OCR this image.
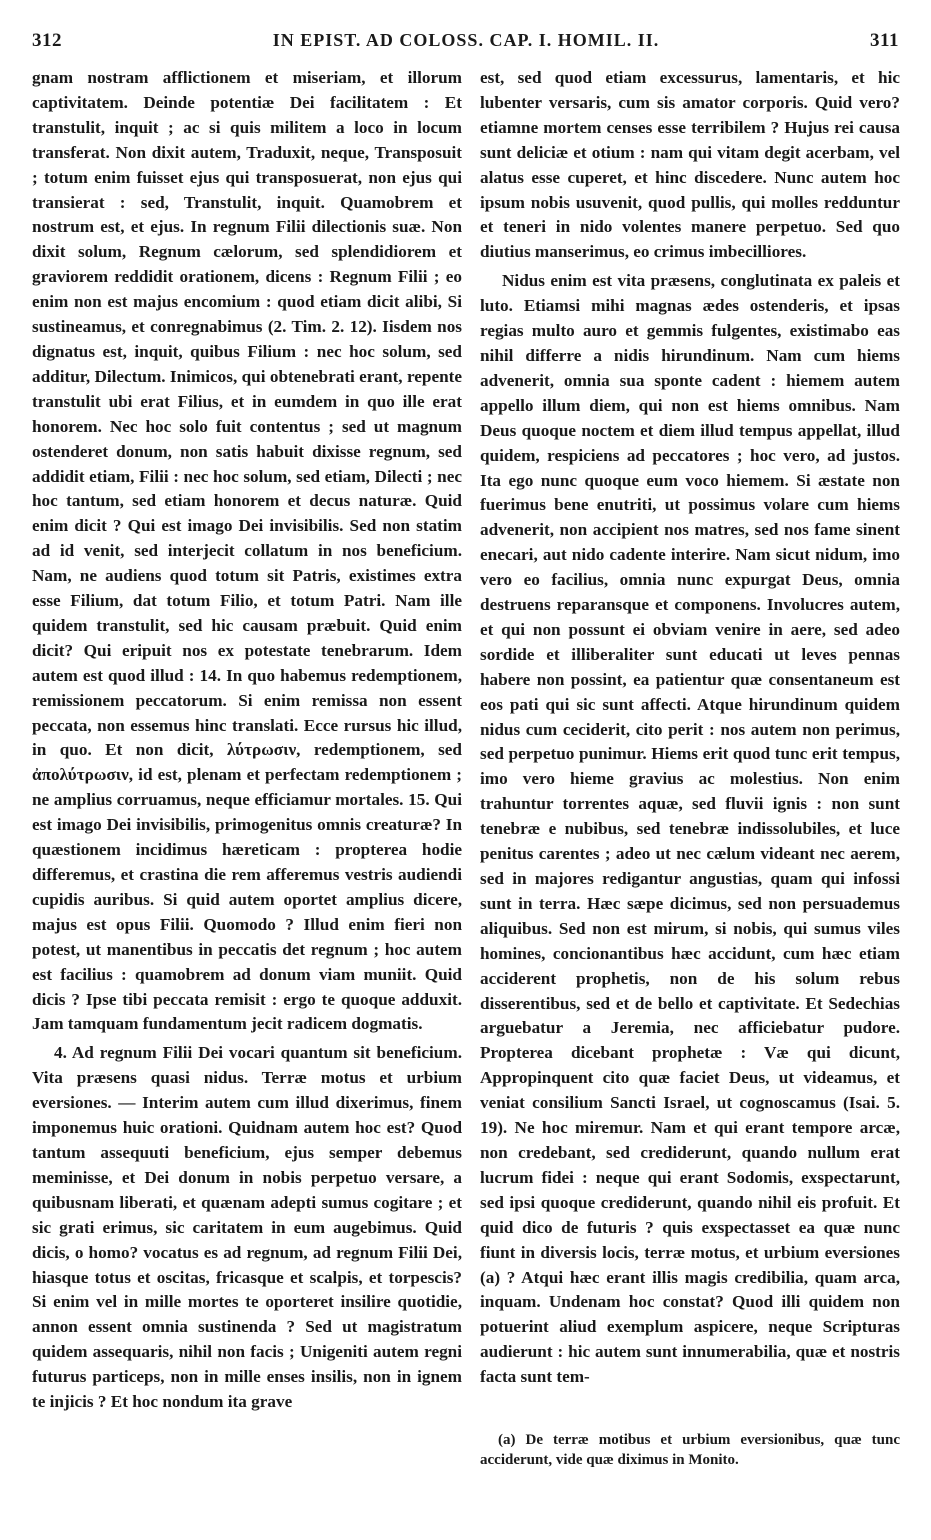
312	IN EPIST. AD COLOSS. CAP. I. HOMIL. II.	311

gnam nostram afflictionem et miseriam, et illorum captivitatem. Deinde potentiæ Dei facilitatem : Et transtulit, inquit ; ac si quis militem a loco in locum transferat. Non dixit autem, Traduxit, neque, Transposuit ; totum enim fuisset ejus qui transposuerat, non ejus qui transierat : sed, Transtulit, inquit. Quamobrem et nostrum est, et ejus. In regnum Filii dilectionis suæ. Non dixit solum, Regnum cælorum, sed splendidiorem et graviorem reddidit orationem, dicens : Regnum Filii ; eo enim non est majus encomium : quod etiam dicit alibi, Si sustineamus, et conregnabimus (2. Tim. 2. 12). Iisdem nos dignatus est, inquit, quibus Filium : nec hoc solum, sed additur, Dilectum. Inimicos, qui obtenebrati erant, repente transtulit ubi erat Filius, et in eumdem in quo ille erat honorem. Nec hoc solo fuit contentus ; sed ut magnum ostenderet donum, non satis habuit dixisse regnum, sed addidit etiam, Filii : nec hoc solum, sed etiam, Dilecti ; nec hoc tantum, sed etiam honorem et decus naturæ. Quid enim dicit ? Qui est imago Dei invisibilis. Sed non statim ad id venit, sed interjecit collatum in nos beneficium. Nam, ne audiens quod totum sit Patris, existimes extra esse Filium, dat totum Filio, et totum Patri. Nam ille quidem transtulit, sed hic causam præbuit. Quid enim dicit? Qui eripuit nos ex potestate tenebrarum. Idem autem est quod illud : 14. In quo habemus redemptionem, remissionem peccatorum. Si enim remissa non essent peccata, non essemus hinc translati. Ecce rursus hic illud, in quo. Et non dicit, λύτρωσιν, redemptionem, sed ἀπολύτρωσιν, id est, plenam et perfectam redemptionem ; ne amplius corruamus, neque efficiamur mortales. 15. Qui est imago Dei invisibilis, primogenitus omnis creaturæ? In quæstionem incidimus hæreticam : propterea hodie differemus, et crastina die rem afferemus vestris audiendi cupidis auribus. Si quid autem oportet amplius dicere, majus est opus Filii. Quomodo ? Illud enim fieri non potest, ut manentibus in peccatis det regnum ; hoc autem est facilius : quamobrem ad donum viam muniit. Quid dicis ? Ipse tibi peccata remisit : ergo te quoque adduxit. Jam tamquam fundamentum jecit radicem dogmatis.

4. Ad regnum Filii Dei vocari quantum sit beneficium. Vita præsens quasi nidus. Terræ motus et urbium eversiones. — Interim autem cum illud dixerimus, finem imponemus huic orationi. Quidnam autem hoc est? Quod tantum assequuti beneficium, ejus semper debemus meminisse, et Dei donum in nobis perpetuo versare, a quibusnam liberati, et quænam adepti sumus cogitare ; et sic grati erimus, sic caritatem in eum augebimus. Quid dicis, o homo? vocatus es ad regnum, ad regnum Filii Dei, hiasque totus et oscitas, fricasque et scalpis, et torpescis? Si enim vel in mille mortes te oporteret insilire quotidie, annon essent omnia sustinenda ? Sed ut magistratum quidem assequaris, nihil non facis ; Unigeniti autem regni futurus particeps, non in mille enses insilis, non in ignem te injicis ? Et hoc nondum ita grave

est, sed quod etiam excessurus, lamentaris, et hic lubenter versaris, cum sis amator corporis. Quid vero? etiamne mortem censes esse terribilem ? Hujus rei causa sunt deliciæ et otium : nam qui vitam degit acerbam, vel alatus esse cuperet, et hinc discedere. Nunc autem hoc ipsum nobis usuvenit, quod pullis, qui molles redduntur et teneri in nido volentes manere perpetuo. Sed quo diutius manserimus, eo crimus imbecilliores.

Nidus enim est vita præsens, conglutinata ex paleis et luto. Etiamsi mihi magnas ædes ostenderis, et ipsas regias multo auro et gemmis fulgentes, existimabo eas nihil differre a nidis hirundinum. Nam cum hiems advenerit, omnia sua sponte cadent : hiemem autem appello illum diem, qui non est hiems omnibus. Nam Deus quoque noctem et diem illud tempus appellat, illud quidem, respiciens ad peccatores ; hoc vero, ad justos. Ita ego nunc quoque eum voco hiemem. Si æstate non fuerimus bene enutriti, ut possimus volare cum hiems advenerit, non accipient nos matres, sed nos fame sinent enecari, aut nido cadente interire. Nam sicut nidum, imo vero eo facilius, omnia nunc expurgat Deus, omnia destruens reparansque et componens. Involucres autem, et qui non possunt ei obviam venire in aere, sed adeo sordide et illiberaliter sunt educati ut leves pennas habere non possint, ea patientur quæ consentaneum est eos pati qui sic sunt affecti. Atque hirundinum quidem nidus cum ceciderit, cito perit : nos autem non perimus, sed perpetuo punimur. Hiems erit quod tunc erit tempus, imo vero hieme gravius ac molestius. Non enim trahuntur torrentes aquæ, sed fluvii ignis : non sunt tenebræ e nubibus, sed tenebræ indissolubiles, et luce penitus carentes ; adeo ut nec cælum videant nec aerem, sed in majores redigantur angustias, quam qui infossi sunt in terra. Hæc sæpe dicimus, sed non persuademus aliquibus. Sed non est mirum, si nobis, qui sumus viles homines, concionantibus hæc accidunt, cum hæc etiam acciderent prophetis, non de his solum rebus disserentibus, sed et de bello et captivitate. Et Sedechias arguebatur a Jeremia, nec afficiebatur pudore. Propterea dicebant prophetæ : Væ qui dicunt, Appropinquent cito quæ faciet Deus, ut videamus, et veniat consilium Sancti Israel, ut cognoscamus (Isai. 5. 19). Ne hoc miremur. Nam et qui erant tempore arcæ, non credebant, sed crediderunt, quando nullum erat lucrum fidei : neque qui erant Sodomis, exspectarunt, sed ipsi quoque crediderunt, quando nihil eis profuit. Et quid dico de futuris ? quis exspectasset ea quæ nunc fiunt in diversis locis, terræ motus, et urbium eversiones (a) ? Atqui hæc erant illis magis credibilia, quam arca, inquam. Undenam hoc constat? Quod illi quidem non potuerint aliud exemplum aspicere, neque Scripturas audierunt : hic autem sunt innumerabilia, quæ et nostris facta sunt tem-

(a) De terræ motibus et urbium eversionibus, quæ tunc acciderunt, vide quæ diximus in Monito.
